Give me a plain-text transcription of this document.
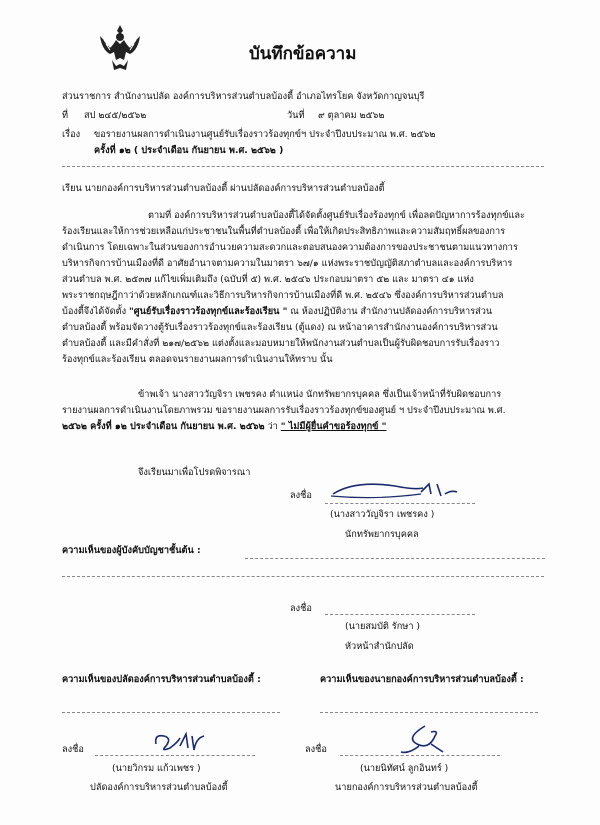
บันทึกข้อความ
ส่วนราชการ สำนักงานปลัด องค์การบริหารส่วนตำบลบ้องตี้ อำเภอไทรโยค จังหวัดกาญจนบุรี
ที่ สป ๒๔๕/๒๕๖๒	วันที่ ๙ ตุลาคม ๒๕๖๒
เรื่อง ขอรายงานผลการดำเนินงานศูนย์รับเรื่องราวร้องทุกข์ฯ ประจำปีงบประมาณ พ.ศ. ๒๕๖๒
ครั้งที่ ๑๒ ( ประจำเดือน กันยายน พ.ศ. ๒๕๖๒ )
เรียน นายกองค์การบริหารส่วนตำบลบ้องตี้ ผ่านปลัดองค์การบริหารส่วนตำบลบ้องตี้
ตามที่ องค์การบริหารส่วนตำบลบ้องตี้ได้จัดตั้งศูนย์รับเรื่องร้องทุกข์ เพื่อลดปัญหาการร้องทุกข์และ
ร้องเรียนและให้การช่วยเหลือแก่ประชาชนในพื้นที่ตำบลบ้องตี้ เพื่อให้เกิดประสิทธิภาพและความสัมฤทธิ์ผลของการ
ดำเนินการ โดยเฉพาะในส่วนของการอำนวยความสะดวกและตอบสนองความต้องการของประชาชนตามแนวทางการ
บริหารกิจการบ้านเมืองที่ดี อาศัยอำนาจตามความในมาตรา ๖๗/๑ แห่งพระราชบัญญัติสภาตำบลและองค์การบริหาร
ส่วนตำบล พ.ศ. ๒๕๓๗ แก้ไขเพิ่มเติมถึง (ฉบับที่ ๕) พ.ศ. ๒๕๔๖ ประกอบมาตรา ๕๒ และ มาตรา ๔๑ แห่ง
พระราชกฤษฎีกาว่าด้วยหลักเกณฑ์และวิธีการบริหารกิจการบ้านเมืองที่ดี พ.ศ. ๒๕๔๖ ซึ่งองค์การบริหารส่วนตำบล
บ้องตี้จึงได้จัดตั้ง "ศูนย์รับเรื่องราวร้องทุกข์และร้องเรียน " ณ ห้องปฏิบัติงาน สำนักงานปลัดองค์การบริหารส่วน
ตำบลบ้องตี้ พร้อมจัดวางตู้รับเรื่องราวร้องทุกข์และร้องเรียน (ตู้แดง) ณ หน้าอาคารสำนักงานองค์การบริหารส่วน
ตำบลบ้องตี้ และมีคำสั่งที่ ๒๑๗/๒๕๖๒ แต่งตั้งและมอบหมายให้พนักงานส่วนตำบลเป็นผู้รับผิดชอบการรับเรื่องราว
ร้องทุกข์และร้องเรียน ตลอดจนรายงานผลการดำเนินงานให้ทราบ นั้น
ข้าพเจ้า นางสาววัญจิรา เพชรคง ตำแหน่ง นักทรัพยากรบุคคล ซึ่งเป็นเจ้าหน้าที่รับผิดชอบการ
รายงานผลการดำเนินงานโดยภาพรวม ขอรายงานผลการรับเรื่องราวร้องทุกข์ของศูนย์ ฯ ประจำปีงบประมาณ พ.ศ.
๒๕๖๒ ครั้งที่ ๑๒ ประจำเดือน กันยายน พ.ศ. ๒๕๖๒ ว่า " ไม่มีผู้ยื่นคำขอร้องทุกข์ "
จึงเรียนมาเพื่อโปรดพิจารณา
ลงชื่อ
(นางสาววัญจิรา เพชรคง )
นักทรัพยากรบุคคล
ความเห็นของผู้บังคับบัญชาชั้นต้น :
ลงชื่อ
(นายสมบัติ รักษา )
หัวหน้าสำนักปลัด
ความเห็นของปลัดองค์การบริหารส่วนตำบลบ้องตี้ :	ความเห็นของนายกองค์การบริหารส่วนตำบลบ้องตี้ :
ลงชื่อ
(นายวิกรม แก้วเพชร )
ปลัดองค์การบริหารส่วนตำบลบ้องตี้
ลงชื่อ
(นายนิทัศน์ ลูกอินทร์ )
นายกองค์การบริหารส่วนตำบลบ้องตี้
